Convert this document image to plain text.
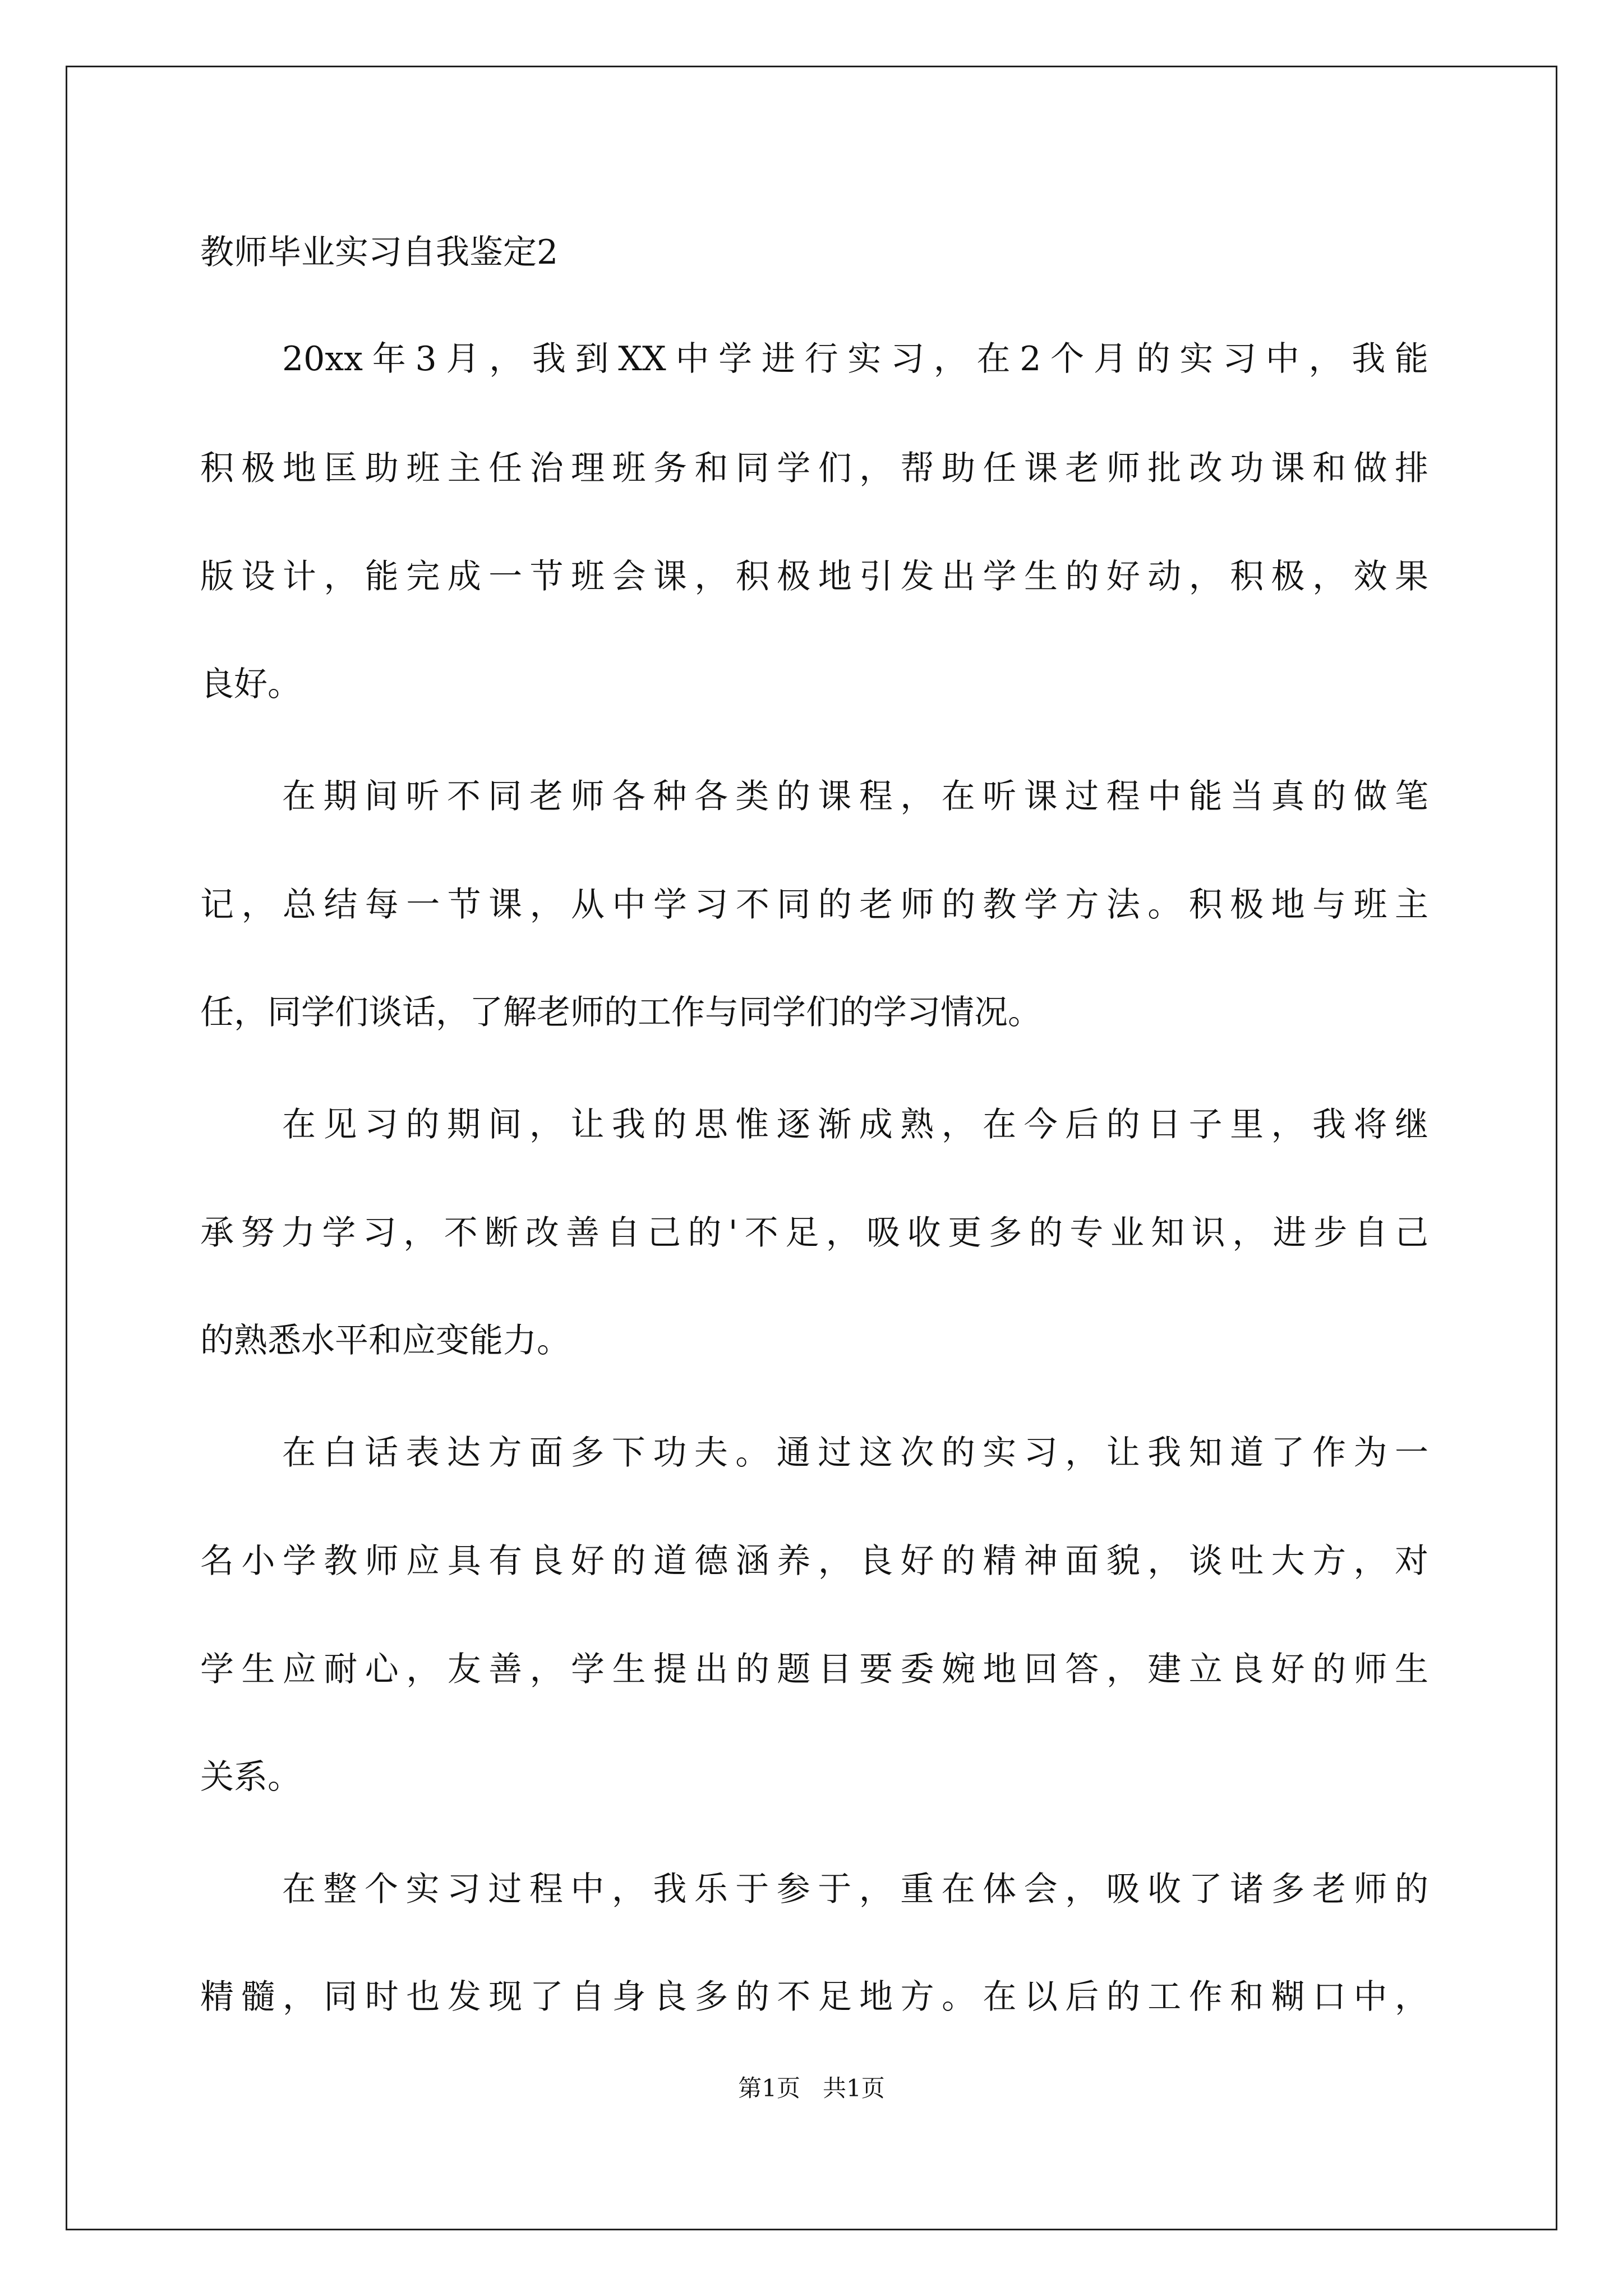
教师毕业实习自我鉴定2

20xx年3月，我到XX中学进行实习，在2个月的实习中，我能

积极地匡助班主任治理班务和同学们，帮助任课老师批改功课和做排

版设计，能完成一节班会课，积极地引发出学生的好动，积极，效果

良好。

在期间听不同老师各种各类的课程，在听课过程中能当真的做笔

记，总结每一节课，从中学习不同的老师的教学方法。积极地与班主

任，同学们谈话，了解老师的工作与同学们的学习情况。

在见习的期间，让我的思惟逐渐成熟，在今后的日子里，我将继

承努力学习，不断改善自己的'不足，吸收更多的专业知识，进步自己

的熟悉水平和应变能力。

在白话表达方面多下功夫。通过这次的实习，让我知道了作为一

名小学教师应具有良好的道德涵养，良好的精神面貌，谈吐大方，对

学生应耐心，友善，学生提出的题目要委婉地回答，建立良好的师生

关系。

在整个实习过程中，我乐于参于，重在体会，吸收了诸多老师的

精髓，同时也发现了自身良多的不足地方。在以后的工作和糊口中，

第1页   共1页
